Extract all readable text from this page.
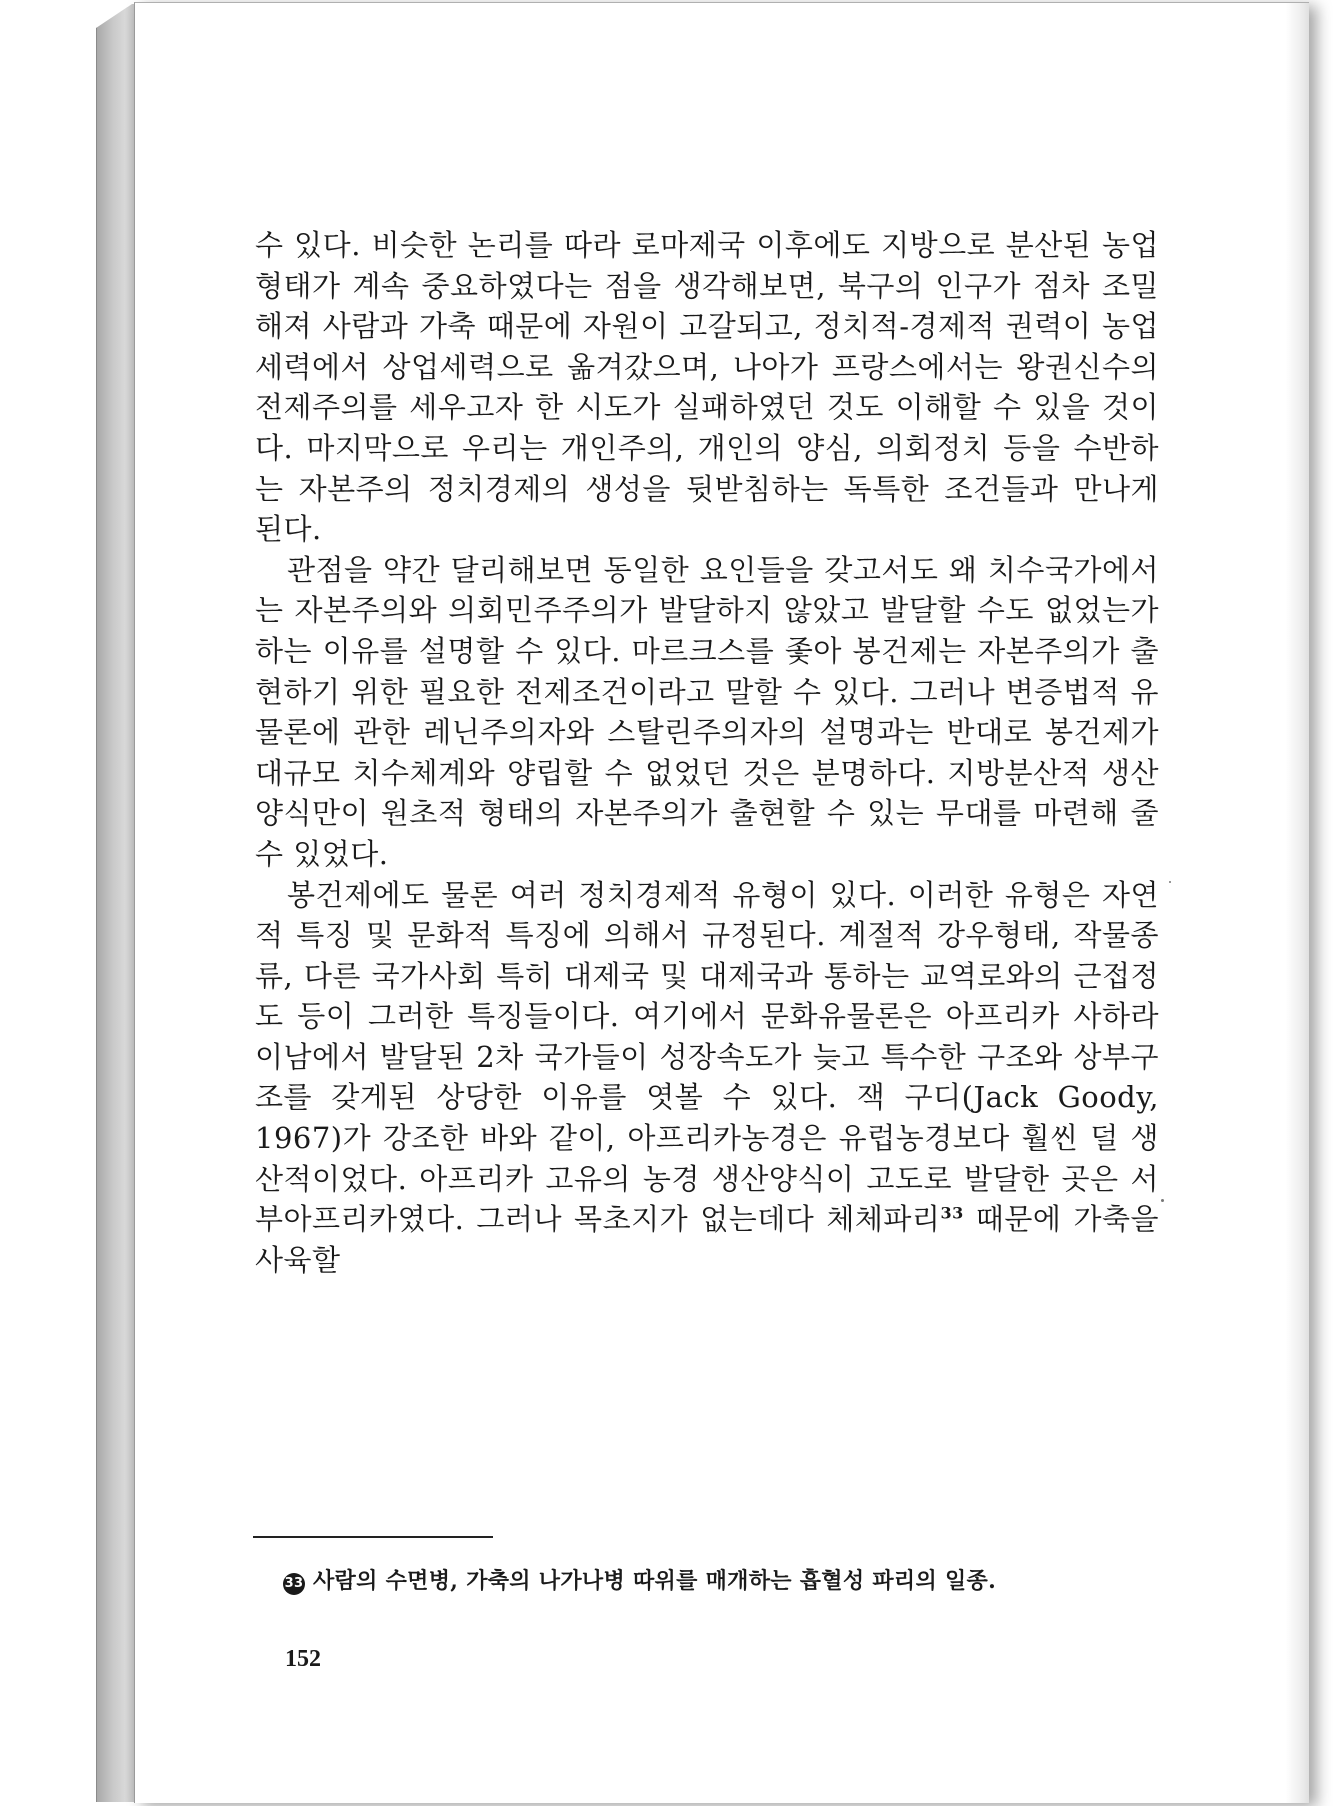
수 있다. 비슷한 논리를 따라 로마제국 이후에도 지방으로 분산된 농업형태가 계속 중요하였다는 점을 생각해보면, 북구의 인구가 점차 조밀해져 사람과 가축 때문에 자원이 고갈되고, 정치적-경제적 권력이 농업세력에서 상업세력으로 옮겨갔으며, 나아가 프랑스에서는 왕권신수의 전제주의를 세우고자 한 시도가 실패하였던 것도 이해할 수 있을 것이다. 마지막으로 우리는 개인주의, 개인의 양심, 의회정치 등을 수반하는 자본주의 정치경제의 생성을 뒷받침하는 독특한 조건들과 만나게 된다.

관점을 약간 달리해보면 동일한 요인들을 갖고서도 왜 치수국가에서는 자본주의와 의회민주주의가 발달하지 않았고 발달할 수도 없었는가 하는 이유를 설명할 수 있다. 마르크스를 좇아 봉건제는 자본주의가 출현하기 위한 필요한 전제조건이라고 말할 수 있다. 그러나 변증법적 유물론에 관한 레닌주의자와 스탈린주의자의 설명과는 반대로 봉건제가 대규모 치수체계와 양립할 수 없었던 것은 분명하다. 지방분산적 생산양식만이 원초적 형태의 자본주의가 출현할 수 있는 무대를 마련해 줄 수 있었다.

봉건제에도 물론 여러 정치경제적 유형이 있다. 이러한 유형은 자연적 특징 및 문화적 특징에 의해서 규정된다. 계절적 강우형태, 작물종류, 다른 국가사회 특히 대제국 및 대제국과 통하는 교역로와의 근접정도 등이 그러한 특징들이다. 여기에서 문화유물론은 아프리카 사하라 이남에서 발달된 2차 국가들이 성장속도가 늦고 특수한 구조와 상부구조를 갖게된 상당한 이유를 엿볼 수 있다. 잭 구디(Jack Goody, 1967)가 강조한 바와 같이, 아프리카농경은 유럽농경보다 훨씬 덜 생산적이었다. 아프리카 고유의 농경 생산양식이 고도로 발달한 곳은 서부아프리카였다. 그러나 목초지가 없는데다 체체파리$^{33}$ 때문에 가축을 사육할

33 사람의 수면병, 가축의 나가나병 따위를 매개하는 흡혈성 파리의 일종.
152
